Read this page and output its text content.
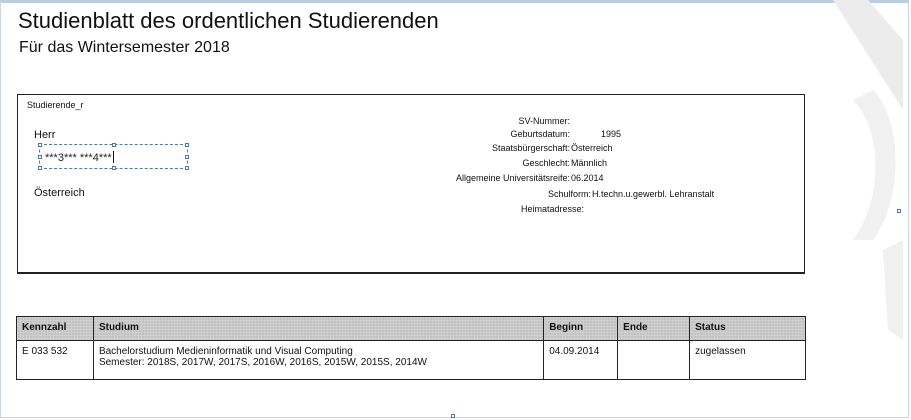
Studienblatt des ordentlichen Studierenden

Für das Wintersemester 2018

Studierende_r
Herr
***3*** ***4***
Österreich
SV-Nummer:
Geburtsdatum:	1995
Staatsbürgerschaft: Österreich
Geschlecht: Männlich
Allgemeine Universitätsreife: 06.2014
Schulform: H.techn.u.gewerbl. Lehranstalt
Heimatadresse:
Kennzahl	Studium	Beginn	Ende	Status
E 033 532	Bachelorstudium Medieninformatik und Visual Computing
Semester: 2018S, 2017W, 2017S, 2016W, 2016S, 2015W, 2015S, 2014W	04.09.2014		zugelassen
